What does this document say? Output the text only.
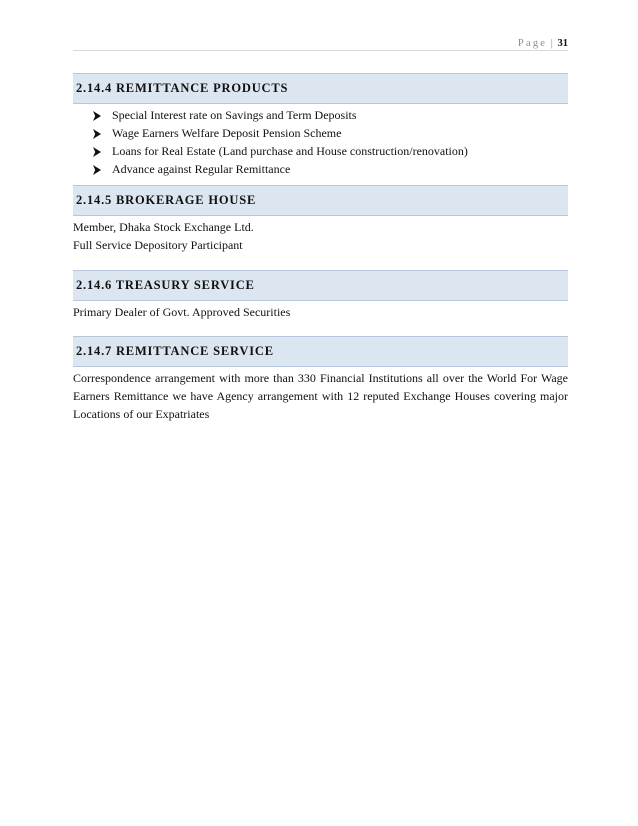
Page | 31
2.14.4 REMITTANCE PRODUCTS
Special Interest rate on Savings and Term Deposits
Wage Earners Welfare Deposit Pension Scheme
Loans for Real Estate (Land purchase and House construction/renovation)
Advance against Regular Remittance
2.14.5 BROKERAGE HOUSE
Member, Dhaka Stock Exchange Ltd.
Full Service Depository Participant
2.14.6 TREASURY SERVICE
Primary Dealer of Govt. Approved Securities
2.14.7 REMITTANCE SERVICE
Correspondence arrangement with more than 330 Financial Institutions all over the World For Wage Earners Remittance we have Agency arrangement with 12 reputed Exchange Houses covering major Locations of our Expatriates
